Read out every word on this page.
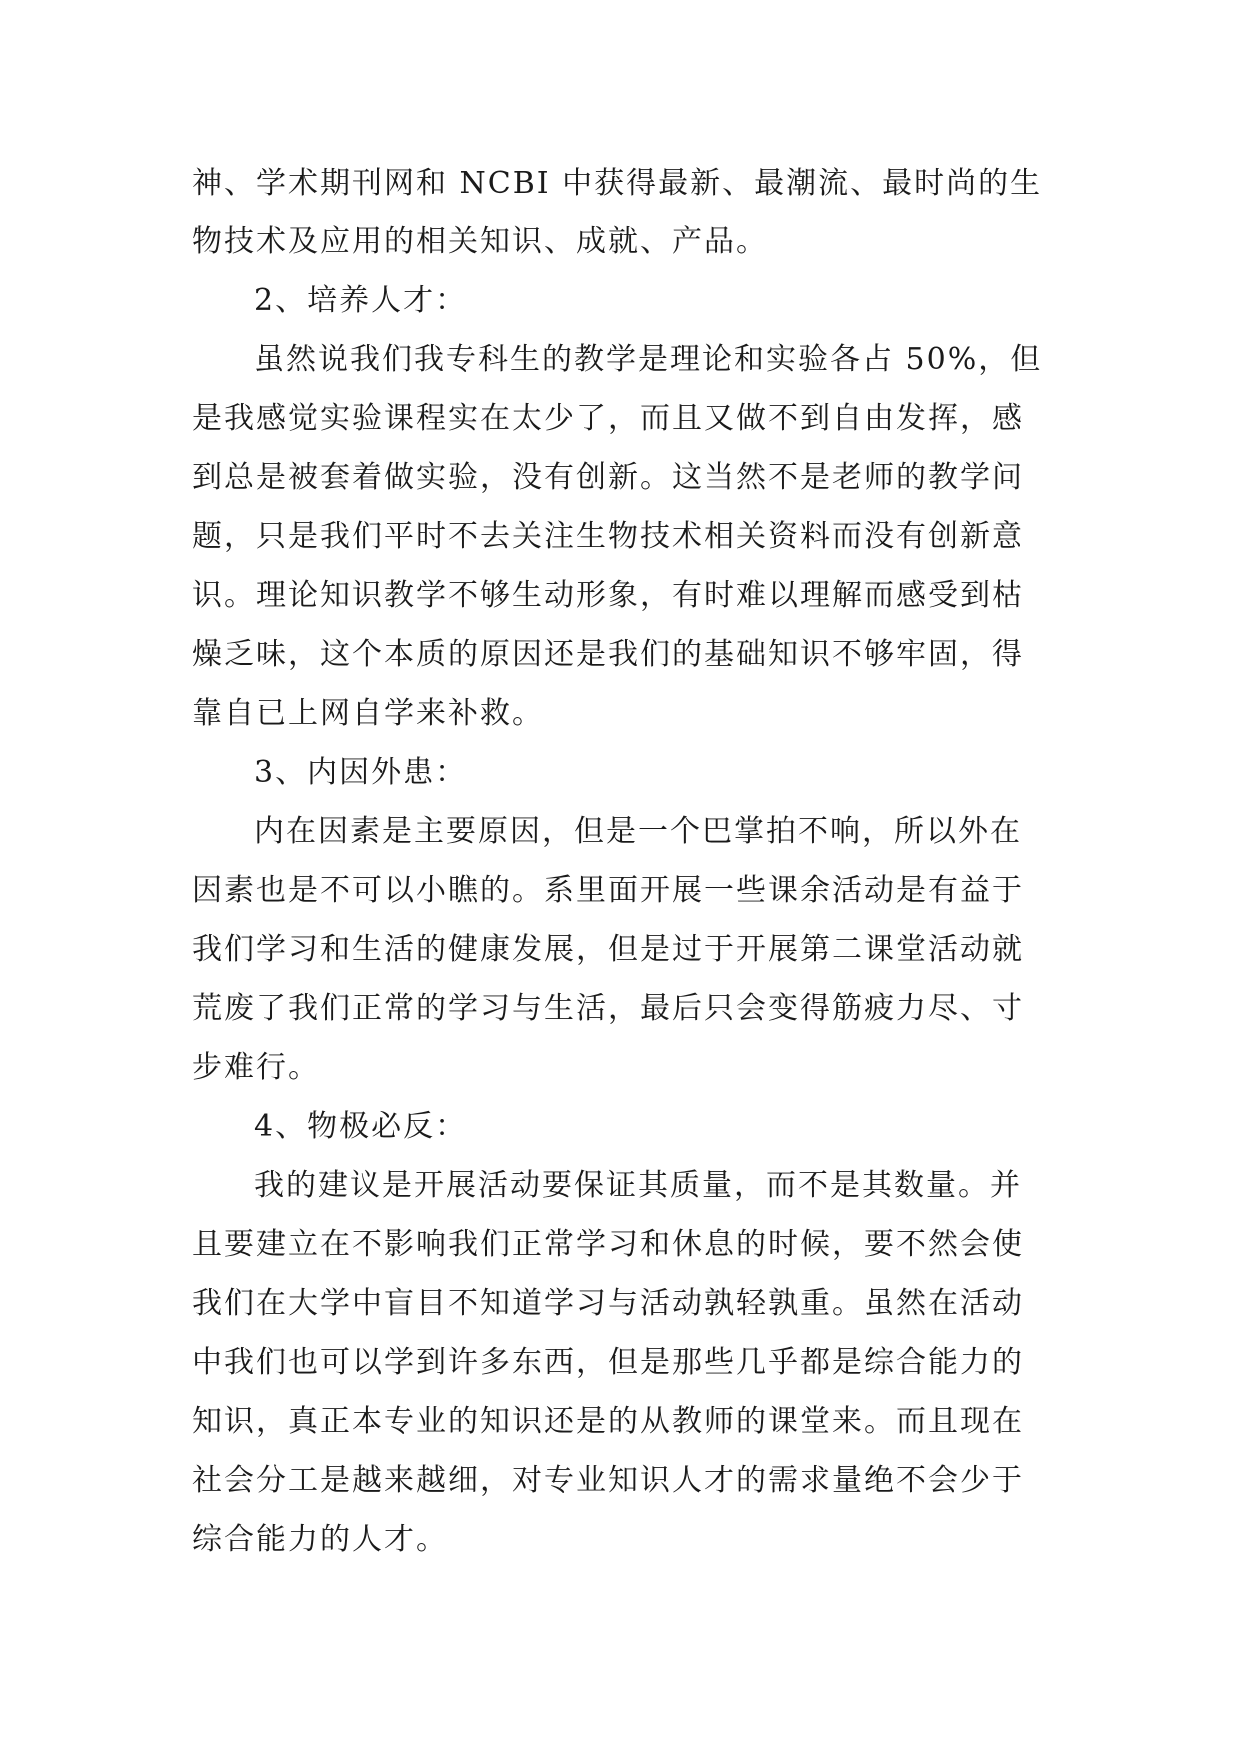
神、学术期刊网和 NCBI 中获得最新、最潮流、最时尚的生
物技术及应用的相关知识、成就、产品。
2、培养人才：
虽然说我们我专科生的教学是理论和实验各占 50%，但
是我感觉实验课程实在太少了，而且又做不到自由发挥，感
到总是被套着做实验，没有创新。这当然不是老师的教学问
题，只是我们平时不去关注生物技术相关资料而没有创新意
识。理论知识教学不够生动形象，有时难以理解而感受到枯
燥乏味，这个本质的原因还是我们的基础知识不够牢固，得
靠自已上网自学来补救。
3、内因外患：
内在因素是主要原因，但是一个巴掌拍不响，所以外在
因素也是不可以小瞧的。系里面开展一些课余活动是有益于
我们学习和生活的健康发展，但是过于开展第二课堂活动就
荒废了我们正常的学习与生活，最后只会变得筋疲力尽、寸
步难行。
4、物极必反：
我的建议是开展活动要保证其质量，而不是其数量。并
且要建立在不影响我们正常学习和休息的时候，要不然会使
我们在大学中盲目不知道学习与活动孰轻孰重。虽然在活动
中我们也可以学到许多东西，但是那些几乎都是综合能力的
知识，真正本专业的知识还是的从教师的课堂来。而且现在
社会分工是越来越细，对专业知识人才的需求量绝不会少于
综合能力的人才。
